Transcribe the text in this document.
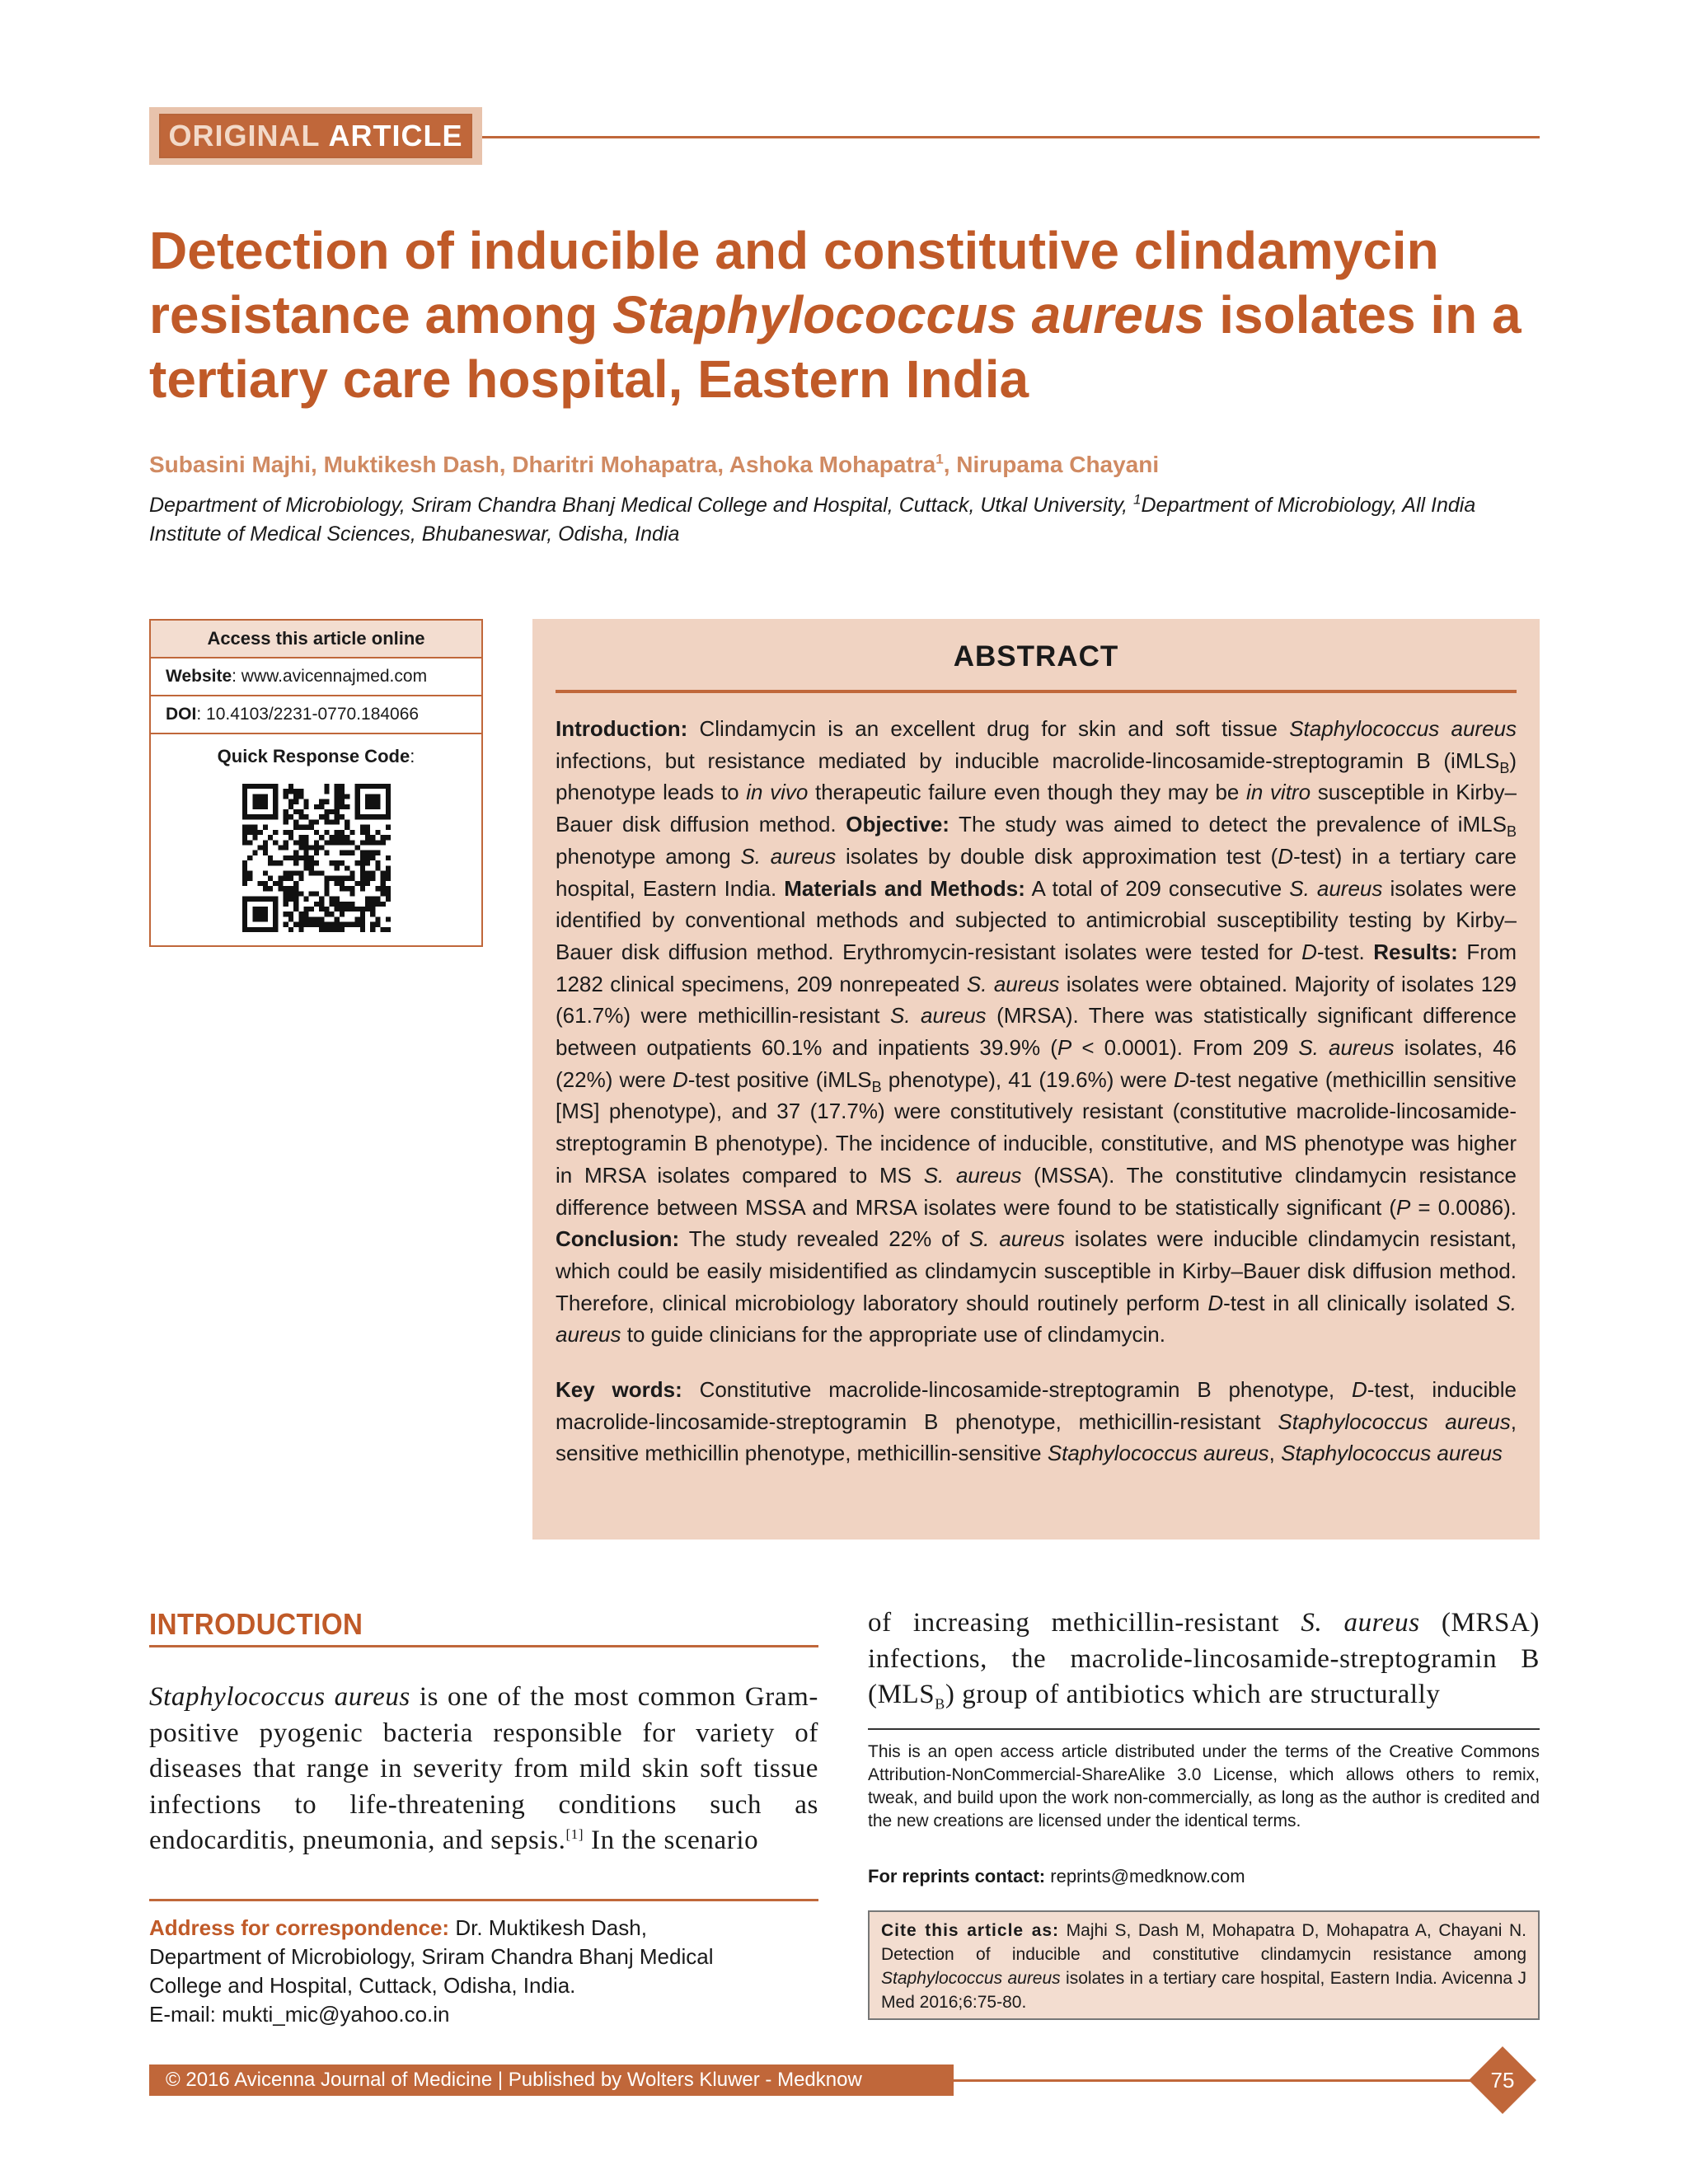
ORIGINAL ARTICLE
Detection of inducible and constitutive clindamycin resistance among Staphylococcus aureus isolates in a tertiary care hospital, Eastern India
Subasini Majhi, Muktikesh Dash, Dharitri Mohapatra, Ashoka Mohapatra$^1$, Nirupama Chayani
Department of Microbiology, Sriram Chandra Bhanj Medical College and Hospital, Cuttack, Utkal University, $^1$Department of Microbiology, All India Institute of Medical Sciences, Bhubaneswar, Odisha, India
Access this article online
Website : www.avicennajmed.com
DOI : 10.4103/2231-0770.184066
Quick Response Code:
ABSTRACT
Introduction: Clindamycin is an excellent drug for skin and soft tissue Staphylococcus aureus infections, but resistance mediated by inducible macrolide-lincosamide-streptogramin B (iMLS$_B$) phenotype leads to in vivo therapeutic failure even though they may be in vitro susceptible in Kirby–Bauer disk diffusion method. Objective: The study was aimed to detect the prevalence of iMLS$_B$ phenotype among S. aureus isolates by double disk approximation test (D-test) in a tertiary care hospital, Eastern India. Materials and Methods: A total of 209 consecutive S. aureus isolates were identified by conventional methods and subjected to antimicrobial susceptibility testing by Kirby–Bauer disk diffusion method. Erythromycin-resistant isolates were tested for D-test. Results: From 1282 clinical specimens, 209 nonrepeated S. aureus isolates were obtained. Majority of isolates 129 (61.7%) were methicillin-resistant S. aureus (MRSA). There was statistically significant difference between outpatients 60.1% and inpatients 39.9% (P < 0.0001). From 209 S. aureus isolates, 46 (22%) were D-test positive (iMLS$_B$ phenotype), 41 (19.6%) were D-test negative (methicillin sensitive [MS] phenotype), and 37 (17.7%) were constitutively resistant (constitutive macrolide-lincosamide-streptogramin B phenotype). The incidence of inducible, constitutive, and MS phenotype was higher in MRSA isolates compared to MS S. aureus (MSSA). The constitutive clindamycin resistance difference between MSSA and MRSA isolates were found to be statistically significant (P = 0.0086). Conclusion: The study revealed 22% of S. aureus isolates were inducible clindamycin resistant, which could be easily misidentified as clindamycin susceptible in Kirby–Bauer disk diffusion method. Therefore, clinical microbiology laboratory should routinely perform D-test in all clinically isolated S. aureus to guide clinicians for the appropriate use of clindamycin.
Key words: Constitutive macrolide-lincosamide-streptogramin B phenotype, D-test, inducible macrolide-lincosamide-streptogramin B phenotype, methicillin-resistant Staphylococcus aureus, sensitive methicillin phenotype, methicillin-sensitive Staphylococcus aureus, Staphylococcus aureus
INTRODUCTION
Staphylococcus aureus is one of the most common Gram-positive pyogenic bacteria responsible for variety of diseases that range in severity from mild skin soft tissue infections to life-threatening conditions such as endocarditis, pneumonia, and sepsis.[1] In the scenario
of increasing methicillin-resistant S. aureus (MRSA) infections, the macrolide-lincosamide-streptogramin B $(MLS_B)$ group of antibiotics which are structurally
This is an open access article distributed under the terms of the Creative Commons Attribution-NonCommercial-ShareAlike 3.0 License, which allows others to remix, tweak, and build upon the work non-commercially, as long as the author is credited and the new creations are licensed under the identical terms.
For reprints contact: reprints@medknow.com
Cite this article as: Majhi S, Dash M, Mohapatra D, Mohapatra A, Chayani N. Detection of inducible and constitutive clindamycin resistance among Staphylococcus aureus isolates in a tertiary care hospital, Eastern India. Avicenna J Med 2016;6:75-80.
Address for correspondence: Dr. Muktikesh Dash,
Department of Microbiology, Sriram Chandra Bhanj Medical
College and Hospital, Cuttack, Odisha, India.
E-mail: mukti_mic@yahoo.co.in
© 2016 Avicenna Journal of Medicine | Published by Wolters Kluwer - Medknow	75
